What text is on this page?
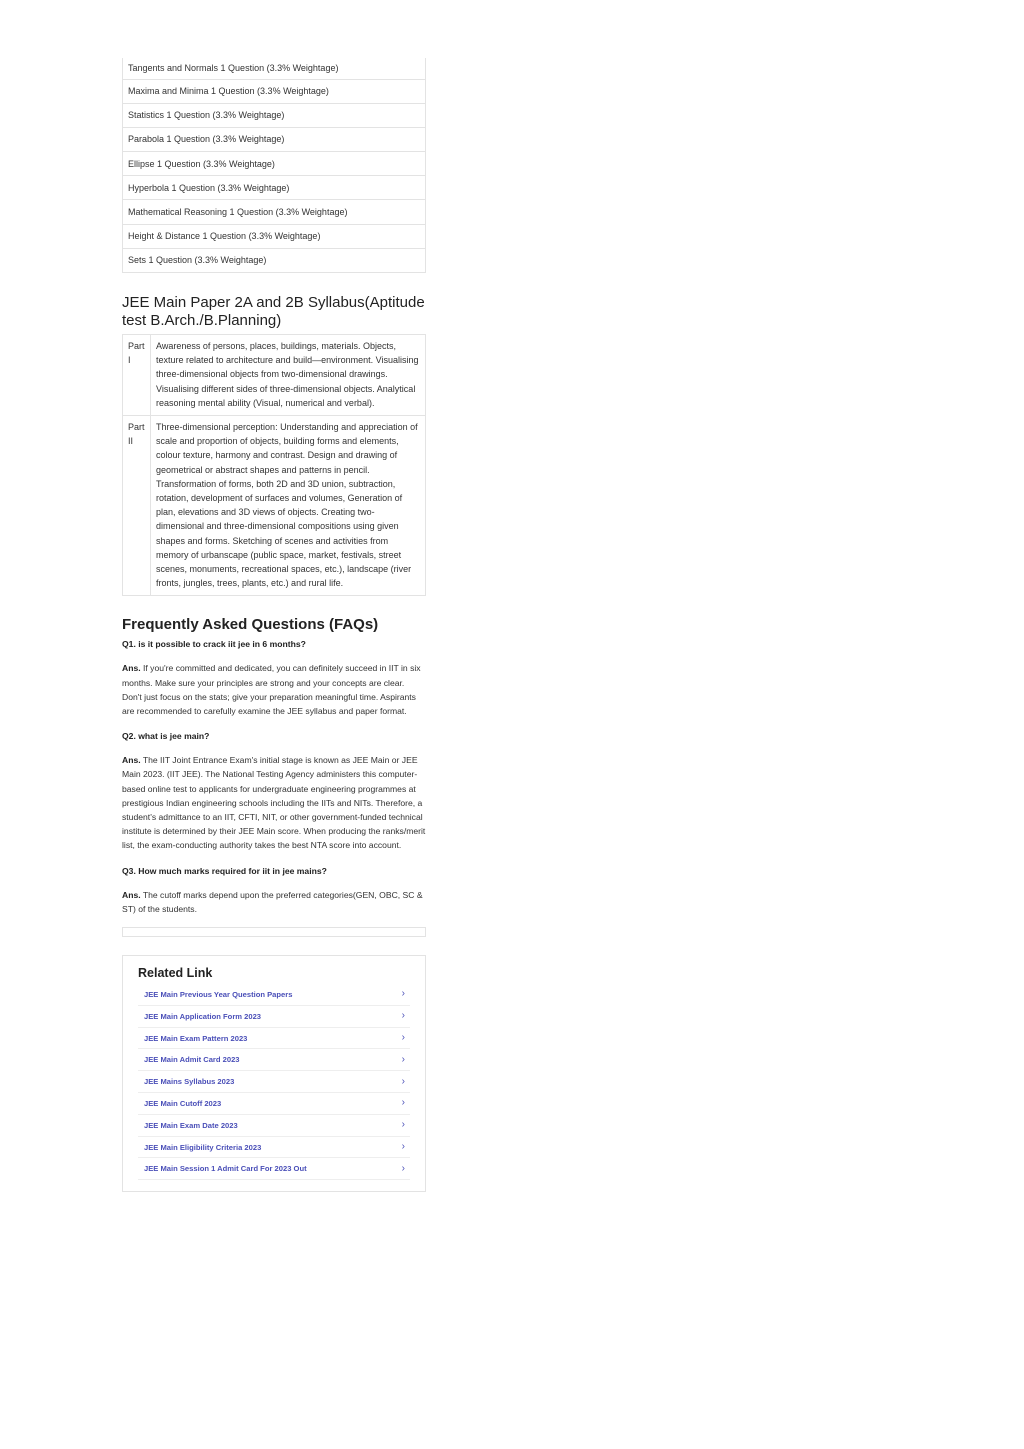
Tangents and Normals 1 Question (3.3% Weightage)
Maxima and Minima 1 Question (3.3% Weightage)
Statistics 1 Question (3.3% Weightage)
Parabola 1 Question (3.3% Weightage)
Ellipse 1 Question (3.3% Weightage)
Hyperbola 1 Question (3.3% Weightage)
Mathematical Reasoning 1 Question (3.3% Weightage)
Height & Distance 1 Question (3.3% Weightage)
Sets 1 Question (3.3% Weightage)
JEE Main Paper 2A and 2B Syllabus(Aptitude test B.Arch./B.Planning)
Part I	Awareness of persons, places, buildings, materials. Objects, texture related to architecture and build—environment. Visualising three-dimensional objects from two-dimensional drawings. Visualising different sides of three-dimensional objects. Analytical reasoning mental ability (Visual, numerical and verbal).
Part II	Three-dimensional perception: Understanding and appreciation of scale and proportion of objects, building forms and elements, colour texture, harmony and contrast. Design and drawing of geometrical or abstract shapes and patterns in pencil. Transformation of forms, both 2D and 3D union, subtraction, rotation, development of surfaces and volumes, Generation of plan, elevations and 3D views of objects. Creating two-dimensional and three-dimensional compositions using given shapes and forms. Sketching of scenes and activities from memory of urbanscape (public space, market, festivals, street scenes, monuments, recreational spaces, etc.), landscape (river fronts, jungles, trees, plants, etc.) and rural life.
Frequently Asked Questions (FAQs)

Q1. is it possible to crack iit jee in 6 months?

Ans. If you're committed and dedicated, you can definitely succeed in IIT in six months. Make sure your principles are strong and your concepts are clear. Don't just focus on the stats; give your preparation meaningful time. Aspirants are recommended to carefully examine the JEE syllabus and paper format.

Q2. what is jee main?

Ans. The IIT Joint Entrance Exam's initial stage is known as JEE Main or JEE Main 2023. (IIT JEE). The National Testing Agency administers this computer-based online test to applicants for undergraduate engineering programmes at prestigious Indian engineering schools including the IITs and NITs. Therefore, a student's admittance to an IIT, CFTI, NIT, or other government-funded technical institute is determined by their JEE Main score. When producing the ranks/merit list, the exam-conducting authority takes the best NTA score into account.

Q3. How much marks required for iit in jee mains?

Ans. The cutoff marks depend upon the preferred categories(GEN, OBC, SC & ST) of the students.

Related Link
JEE Main Previous Year Question Papers	›
JEE Main Application Form 2023	›
JEE Main Exam Pattern 2023	›
JEE Main Admit Card 2023	›
JEE Mains Syllabus 2023	›
JEE Main Cutoff 2023	›
JEE Main Exam Date 2023	›
JEE Main Eligibility Criteria 2023	›
JEE Main Session 1 Admit Card For 2023 Out	›
